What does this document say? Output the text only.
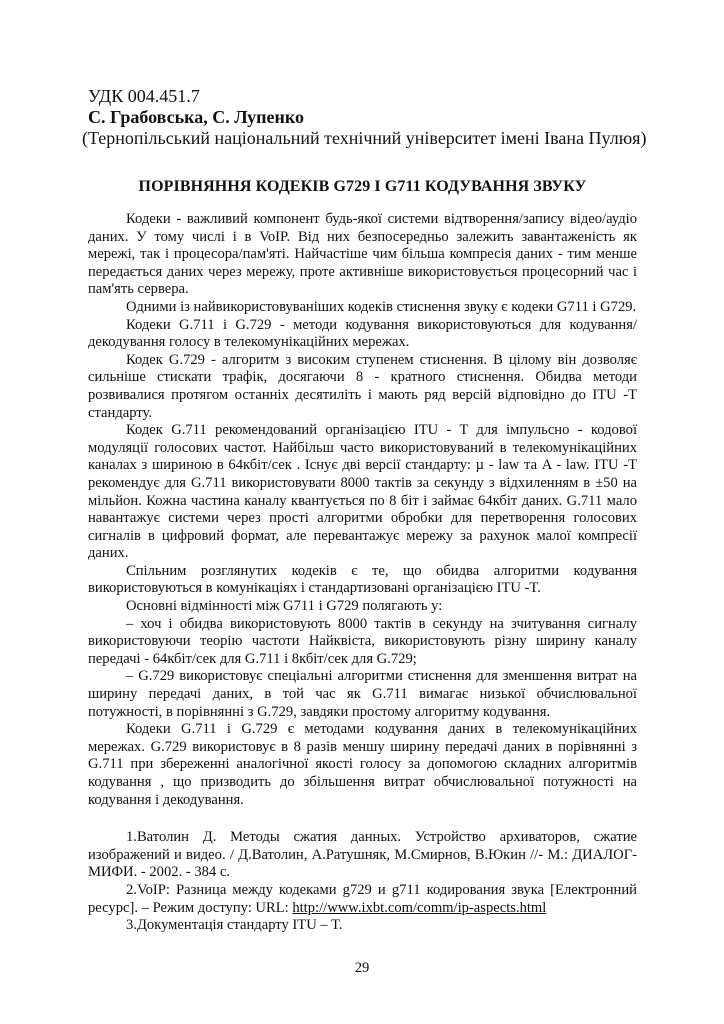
УДК 004.451.7

С. Грабовська, С. Лупенко

(Тернопільський національний технічний університет імені Івана Пулюя)

ПОРІВНЯННЯ КОДЕКІВ G729 І G711 КОДУВАННЯ ЗВУКУ

Кодеки - важливий компонент будь-якої системи відтворення/запису відео/аудіо даних. У тому числі і в VoIP. Від них безпосередньо залежить завантаженість як мережі, так і процесора/пам'яті. Найчастіше чим більша компресія даних - тим менше передається даних через мережу, проте активніше використовується процесорний час і пам'ять сервера.

Одними із найвикористовуваніших кодеків стиснення звуку є кодеки G711 і G729.

Кодеки G.711 і G.729 - методи кодування використовуються для кодування/декодування голосу в телекомунікаційних мережах.

Кодек G.729 - алгоритм з високим ступенем стиснення. В цілому він дозволяє сильніше стискати трафік, досягаючи 8 - кратного стиснення. Обидва методи розвивалися протягом останніх десятиліть і мають ряд версій відповідно до ITU -T стандарту.

Кодек G.711 рекомендований організацією ITU - T для імпульсно - кодової модуляції голосових частот. Найбільш часто використовуваний в телекомунікаційних каналах з шириною в 64кбіт/сек . Існує дві версії стандарту: µ - law та A - law. ITU -T рекомендує для G.711 використовувати 8000 тактів за секунду з відхиленням в ±50 на мільйон. Кожна частина каналу квантується по 8 біт і займає 64кбіт даних. G.711 мало навантажує системи через прості алгоритми обробки для перетворення голосових сигналів в цифровий формат, але перевантажує мережу за рахунок малої компресії даних.

Спільним розглянутих кодеків є те, що обидва алгоритми кодування використовуються в комунікаціях і стандартизовані організацією ITU -T.

Основні відмінності між G711 і G729 полягають у:

– хоч і обидва використовують 8000 тактів в секунду на зчитування сигналу використовуючи теорію частоти Найквіста, використовують різну ширину каналу передачі - 64кбіт/сек для G.711 і 8кбіт/сек для G.729;

– G.729 використовує спеціальні алгоритми стиснення для зменшення витрат на ширину передачі даних, в той час як G.711 вимагає низької обчислювальної потужності, в порівнянні з G.729, завдяки простому алгоритму кодування.

Кодеки G.711 і G.729 є методами кодування даних в телекомунікаційних мережах. G.729 використовує в 8 разів меншу ширину передачі даних в порівнянні з G.711 при збереженні аналогічної якості голосу за допомогою складних алгоритмів кодування , що призводить до збільшення витрат обчислювальної потужності на кодування і декодування.

1.Ватолин Д. Методы сжатия данных. Устройство архиваторов, сжатие изображений и видео. / Д.Ватолин, А.Ратушняк, М.Смирнов, В.Юкин //- М.: ДИАЛОГ-МИФИ. - 2002. - 384 с.

2.VoIP: Разница между кодеками g729 и g711 кодирования звука [Електронний ресурс]. – Режим доступу: URL: http://www.ixbt.com/comm/ip-aspects.html

3.Документація стандарту ITU – T.

29
